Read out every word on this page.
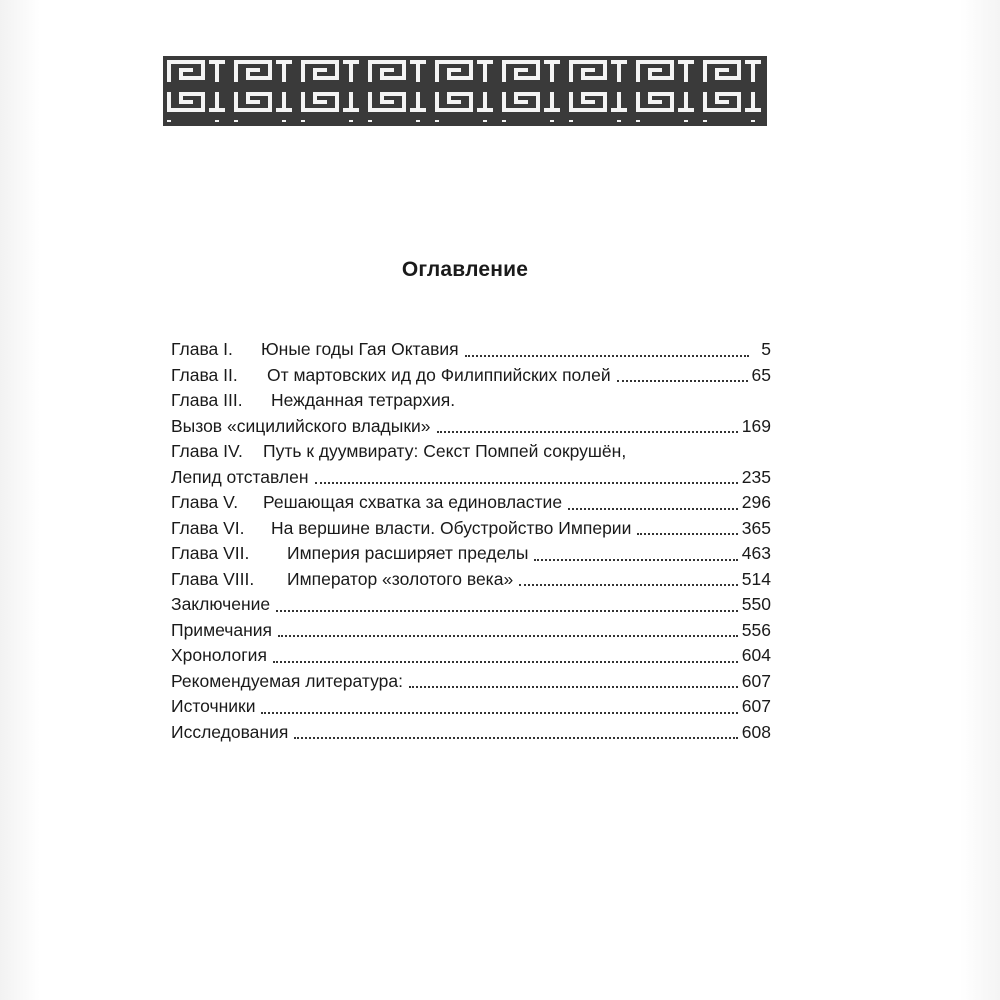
Оглавление
Глава I.	Юные годы Гая Октавия	5
Глава II.	От мартовских ид до Филиппийских полей	65
Глава III.	Нежданная тетрархия.
Вызов «сицилийского владыки»	169
Глава IV.	Путь к дуумвирату: Секст Помпей сокрушён,
Лепид отставлен	235
Глава V.	Решающая схватка за единовластие	296
Глава VI.	На вершине власти. Обустройство Империи	365
Глава VII.	Империя расширяет пределы	463
Глава VIII.	Император «золотого века»	514
Заключение	550
Примечания	556
Хронология	604
Рекомендуемая литература:	607
Источники	607
Исследования	608
